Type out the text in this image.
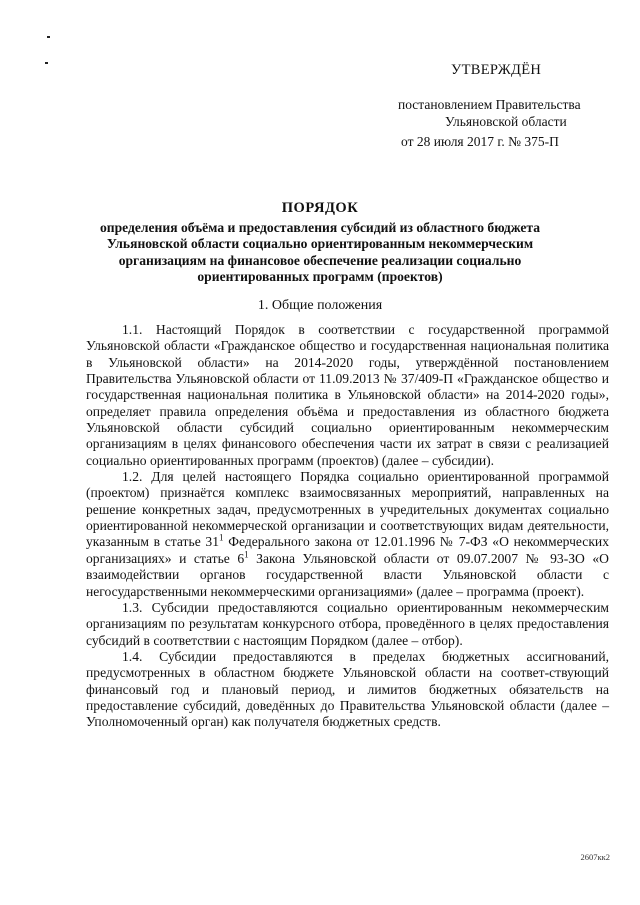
УТВЕРЖДЁН
постановлением Правительства
Ульяновской области
от 28 июля 2017 г. № 375-П
ПОРЯДОК
определения объёма и предоставления субсидий из областного бюджета
Ульяновской области социально ориентированным некоммерческим
организациям на финансовое обеспечение реализации социально
ориентированных программ (проектов)
1. Общие положения

1.1. Настоящий Порядок в соответствии с государственной программой Ульяновской области «Гражданское общество и государственная национальная политика в Ульяновской области» на 2014-2020 годы, утверждённой постановлением Правительства Ульяновской области от 11.09.2013 № 37/409-П «Гражданское общество и государственная национальная политика в Ульяновской области» на 2014-2020 годы», определяет правила определения объёма и предоставления из областного бюджета Ульяновской области субсидий социально ориентированным некоммерческим организациям в целях финансового обеспечения части их затрат в связи с реализацией социально ориентированных программ (проектов) (далее – субсидии).

1.2. Для целей настоящего Порядка социально ориентированной программой (проектом) признаётся комплекс взаимосвязанных мероприятий, направленных на решение конкретных задач, предусмотренных в учредительных документах социально ориентированной некоммерческой организации и соответствующих видам деятельности, указанным в статье $31^1$ Федерального закона от 12.01.1996 № 7-ФЗ «О некоммерческих организациях» и статье $6^1$ Закона Ульяновской области от 09.07.2007 № 93-ЗО «О взаимодействии органов государственной власти Ульяновской области с негосударственными некоммерческими организациями» (далее – программа (проект).

1.3. Субсидии предоставляются социально ориентированным некоммерческим организациям по результатам конкурсного отбора, проведённого в целях предоставления субсидий в соответствии с настоящим Порядком (далее – отбор).

1.4. Субсидии предоставляются в пределах бюджетных ассигнований, предусмотренных в областном бюджете Ульяновской области на соответ-ствующий финансовый год и плановый период, и лимитов бюджетных обязательств на предоставление субсидий, доведённых до Правительства Ульяновской области (далее – Уполномоченный орган) как получателя бюджетных средств.

2607кк2
